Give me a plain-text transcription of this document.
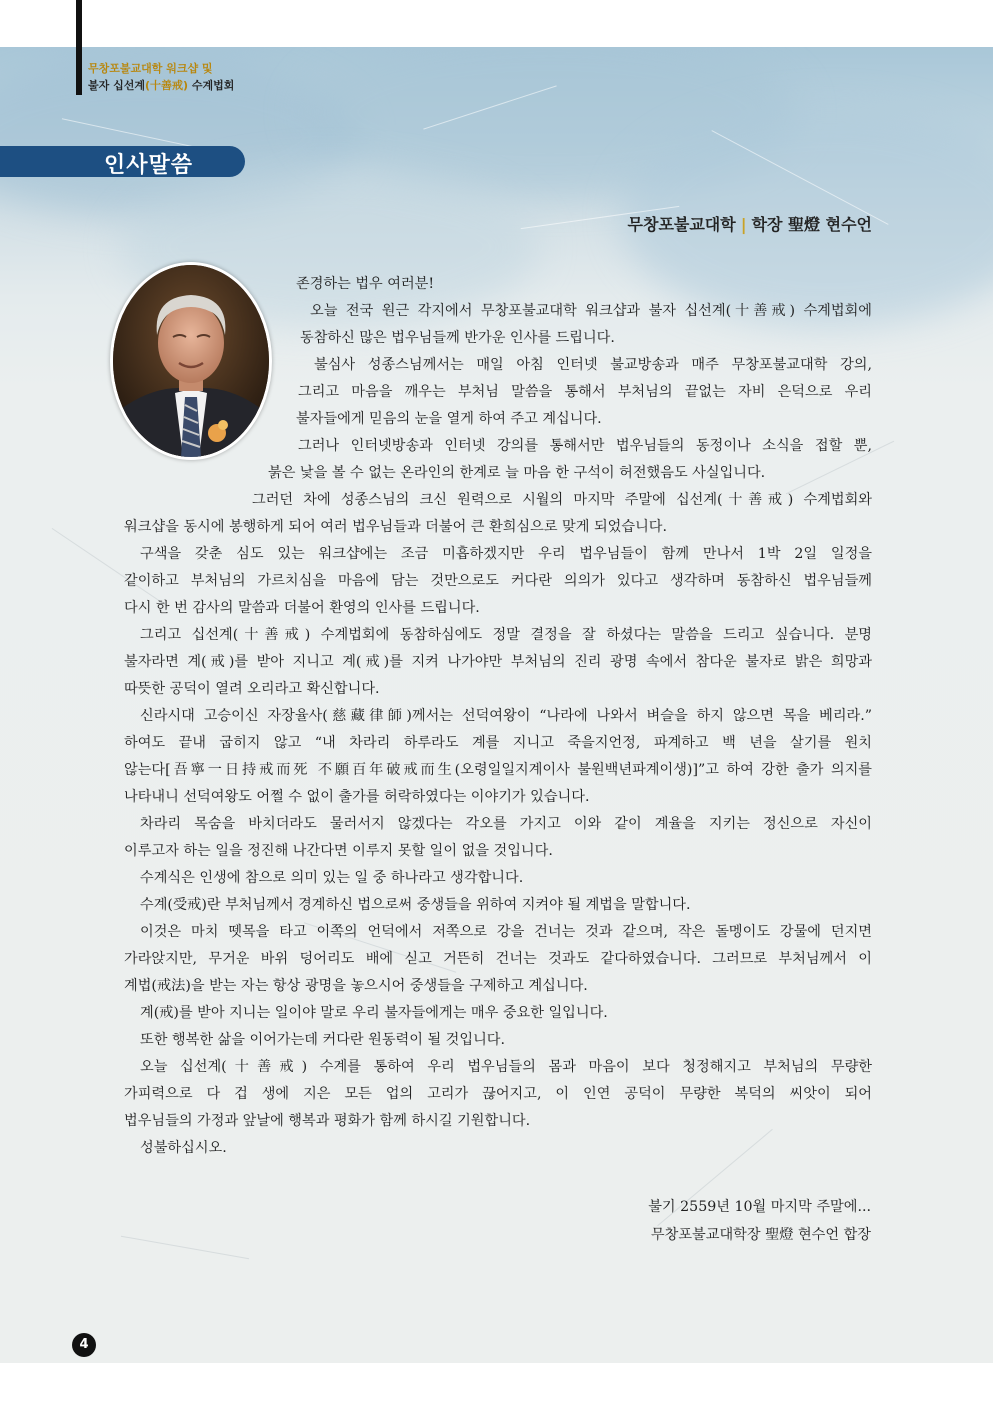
무창포불교대학 워크샵 및
불자 십선계(十善戒) 수계법회
인사말씀
무창포불교대학 | 학장 聖燈 현수언
존경하는 법우 여러분!
오늘 전국 원근 각지에서 무창포불교대학 워크샵과 불자 십선계(十善戒) 수계법회에
동참하신 많은 법우님들께 반가운 인사를 드립니다.
불심사 성종스님께서는 매일 아침 인터넷 불교방송과 매주 무창포불교대학 강의,
그리고 마음을 깨우는 부처님 말씀을 통해서 부처님의 끝없는 자비 은덕으로 우리
불자들에게 믿음의 눈을 열게 하여 주고 계십니다.
그러나 인터넷방송과 인터넷 강의를 통해서만 법우님들의 동정이나 소식을 접할 뿐,
붉은 낯을 볼 수 없는 온라인의 한계로 늘 마음 한 구석이 허전했음도 사실입니다.
그러던 차에 성종스님의 크신 원력으로 시월의 마지막 주말에 십선계(十善戒) 수계법회와
워크샵을 동시에 봉행하게 되어 여러 법우님들과 더불어 큰 환희심으로 맞게 되었습니다.
구색을 갖춘 심도 있는 워크샵에는 조금 미흡하겠지만 우리 법우님들이 함께 만나서 1박 2일 일정을
같이하고 부처님의 가르치심을 마음에 담는 것만으로도 커다란 의의가 있다고 생각하며 동참하신 법우님들께
다시 한 번 감사의 말씀과 더불어 환영의 인사를 드립니다.
그리고 십선계(十善戒) 수계법회에 동참하심에도 정말 결정을 잘 하셨다는 말씀을 드리고 싶습니다. 분명
불자라면 계(戒)를 받아 지니고 계(戒)를 지켜 나가야만 부처님의 진리 광명 속에서 참다운 불자로 밝은 희망과
따뜻한 공덕이 열려 오리라고 확신합니다.
신라시대 고승이신 자장율사(慈藏律師)께서는 선덕여왕이 “나라에 나와서 벼슬을 하지 않으면 목을 베리라.”
하여도 끝내 굽히지 않고 “내 차라리 하루라도 계를 지니고 죽을지언정, 파계하고 백 년을 살기를 원치
않는다[吾寧一日持戒而死 不願百年破戒而生(오령일일지계이사 불원백년파계이생)]”고 하여 강한 출가 의지를
나타내니 선덕여왕도 어쩔 수 없이 출가를 허락하였다는 이야기가 있습니다.
차라리 목숨을 바치더라도 물러서지 않겠다는 각오를 가지고 이와 같이 계율을 지키는 정신으로 자신이
이루고자 하는 일을 정진해 나간다면 이루지 못할 일이 없을 것입니다.
수계식은 인생에 참으로 의미 있는 일 중 하나라고 생각합니다.
수계(受戒)란 부처님께서 경계하신 법으로써 중생들을 위하여 지켜야 될 계법을 말합니다.
이것은 마치 뗏목을 타고 이쪽의 언덕에서 저쪽으로 강을 건너는 것과 같으며, 작은 돌멩이도 강물에 던지면
가라앉지만, 무거운 바위 덩어리도 배에 싣고 거뜬히 건너는 것과도 같다하였습니다. 그러므로 부처님께서 이
계법(戒法)을 받는 자는 항상 광명을 놓으시어 중생들을 구제하고 계십니다.
계(戒)를 받아 지니는 일이야 말로 우리 불자들에게는 매우 중요한 일입니다.
또한 행복한 삶을 이어가는데 커다란 원동력이 될 것입니다.
오늘 십선계(十善戒) 수계를 통하여 우리 법우님들의 몸과 마음이 보다 청정해지고 부처님의 무량한
가피력으로 다 겁 생에 지은 모든 업의 고리가 끊어지고, 이 인연 공덕이 무량한 복덕의 씨앗이 되어
법우님들의 가정과 앞날에 행복과 평화가 함께 하시길 기원합니다.
성불하십시오.
불기 2559년 10월 마지막 주말에...
무창포불교대학장 聖燈 현수언 합장
4
